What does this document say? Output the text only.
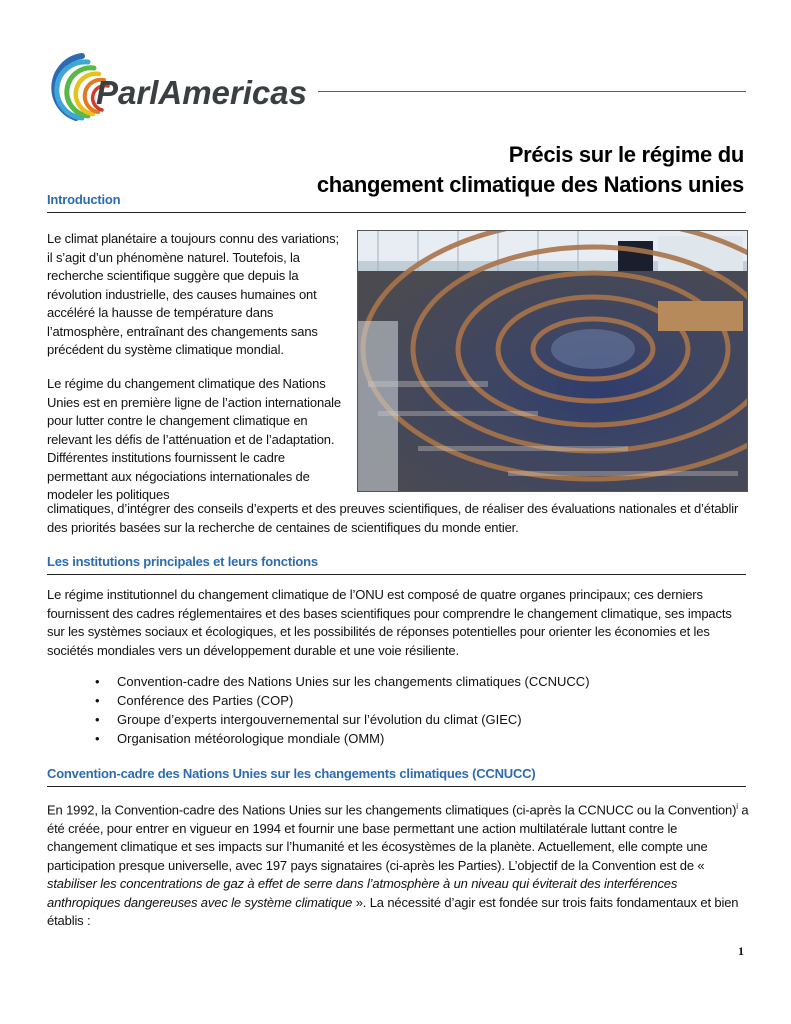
ParlAmericas
Précis sur le régime du
changement climatique des Nations unies
Introduction

Le climat planétaire a toujours connu des variations; il s’agit d’un phénomène naturel. Toutefois, la recherche scientifique suggère que depuis la révolution industrielle, des causes humaines ont accéléré la hausse de température dans l’atmosphère, entraînant des changements sans précédent du système climatique mondial.

Le régime du changement climatique des Nations Unies est en première ligne de l’action internationale pour lutter contre le changement climatique en relevant les défis de l’atténuation et de l’adaptation. Différentes institutions fournissent le cadre permettant aux négociations internationales de modeler les politiques

climatiques, d’intégrer des conseils d’experts et des preuves scientifiques, de réaliser des évaluations nationales et d’établir des priorités basées sur la recherche de centaines de scientifiques du monde entier.

Les institutions principales et leurs fonctions

Le régime institutionnel du changement climatique de l’ONU est composé de quatre organes principaux; ces derniers fournissent des cadres réglementaires et des bases scientifiques pour comprendre le changement climatique, ses impacts sur les systèmes sociaux et écologiques, et les possibilités de réponses potentielles pour orienter les économies et les sociétés mondiales vers un développement durable et une voie résiliente.

• Convention-cadre des Nations Unies sur les changements climatiques (CCNUCC)
• Conférence des Parties (COP)
• Groupe d’experts intergouvernemental sur l’évolution du climat (GIEC)
• Organisation météorologique mondiale (OMM)
Convention-cadre des Nations Unies sur les changements climatiques (CCNUCC)

En 1992, la Convention-cadre des Nations Unies sur les changements climatiques (ci-après la CCNUCC ou la Convention)$^i$ a été créée, pour entrer en vigueur en 1994 et fournir une base permettant une action multilatérale luttant contre le changement climatique et ses impacts sur l’humanité et les écosystèmes de la planète. Actuellement, elle compte une participation presque universelle, avec 197 pays signataires (ci-après les Parties). L’objectif de la Convention est de « stabiliser les concentrations de gaz à effet de serre dans l’atmosphère à un niveau qui éviterait des interférences anthropiques dangereuses avec le système climatique ». La nécessité d’agir est fondée sur trois faits fondamentaux et bien établis :

1
